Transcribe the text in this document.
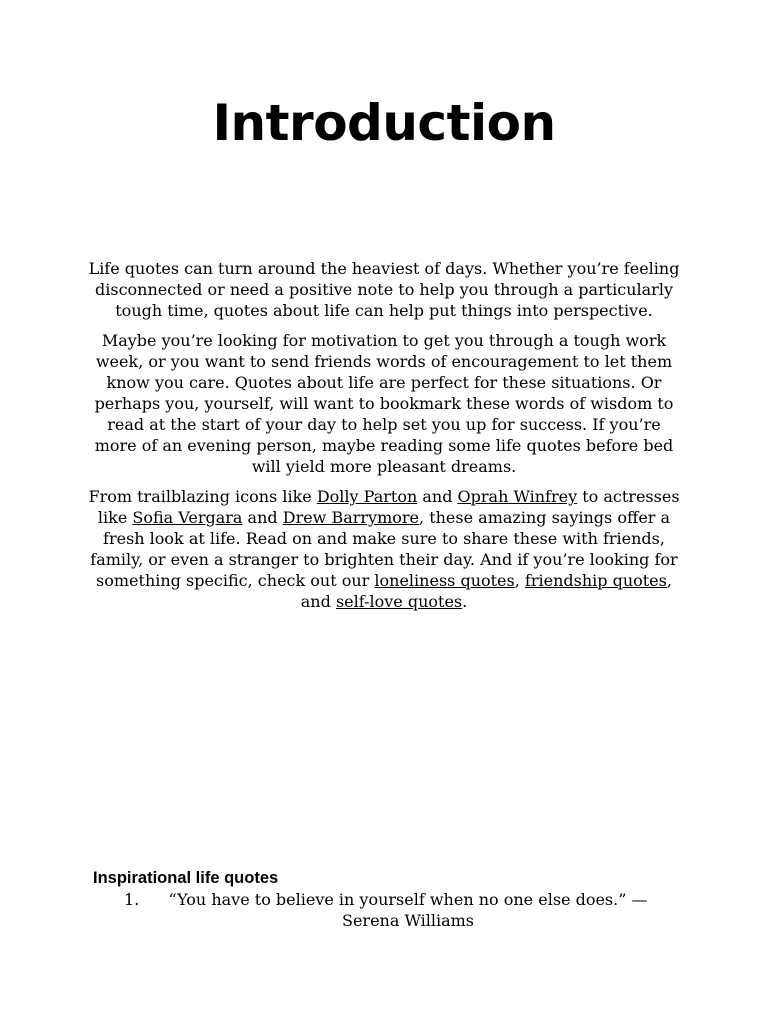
Introduction

Life quotes can turn around the heaviest of days. Whether you’re feeling disconnected or need a positive note to help you through a particularly tough time, quotes about life can help put things into perspective.

Maybe you’re looking for motivation to get you through a tough work week, or you want to send friends words of encouragement to let them know you care. Quotes about life are perfect for these situations. Or perhaps you, yourself, will want to bookmark these words of wisdom to read at the start of your day to help set you up for success. If you’re more of an evening person, maybe reading some life quotes before bed will yield more pleasant dreams.

From trailblazing icons like Dolly Parton and Oprah Winfrey to actresses like Sofia Vergara and Drew Barrymore, these amazing sayings offer a fresh look at life. Read on and make sure to share these with friends, family, or even a stranger to brighten their day. And if you’re looking for something specific, check out our loneliness quotes, friendship quotes, and self-love quotes.

Inspirational life quotes
1.	“You have to believe in yourself when no one else does.” —Serena Williams
